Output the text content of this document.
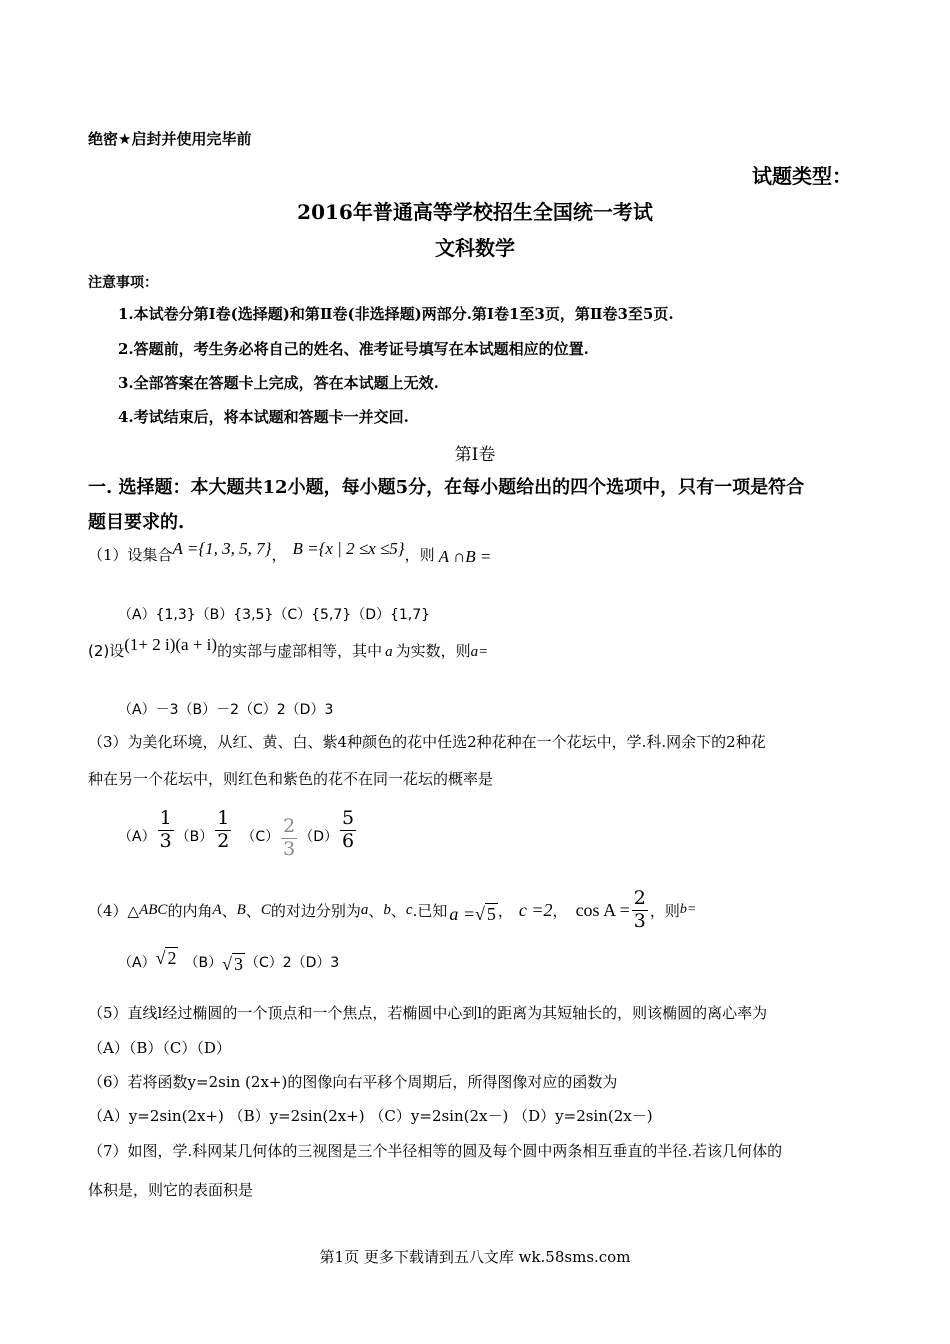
绝密★启封并使用完毕前
试题类型：
2016年普通高等学校招生全国统一考试
文科数学
注意事项：
1.本试卷分第Ⅰ卷(选择题)和第Ⅱ卷(非选择题)两部分.第Ⅰ卷1至3页，第Ⅱ卷3至5页.
2.答题前，考生务必将自己的姓名、准考证号填写在本试题相应的位置.
3.全部答案在答题卡上完成，答在本试题上无效.
4.考试结束后，将本试题和答题卡一并交回.
第Ⅰ卷
一. 选择题：本大题共12小题，每小题5分，在每小题给出的四个选项中，只有一项是符合
题目要求的.
（1）设集合A ={1, 3, 5, 7}， B ={x | 2 ≤x ≤5}，则 A ∩B =
（A）{1,3}（B）{3,5}（C）{5,7}（D）{1,7}
(2)设(1+ 2 i)(a + i)的实部与虚部相等，其中 a 为实数，则a=
（A）－3（B）－2（C）2（D）3
（3）为美化环境，从红、黄、白、紫4种颜色的花中任选2种花种在一个花坛中，学.科.网余下的2种花
种在另一个花坛中，则红色和紫色的花不在同一花坛的概率是
$(A) \frac{1}{3} (B) \frac{1}{2} (C) \frac{2}{3} (D) \frac{5}{6}$
（4）△ ABC 的内角 A 、 B 、 C 的对边分别为 a 、 b 、 c .已知 a =√ 5 ， c =2 ， $\cos A = \frac{2}{3}$ ，则 b=
（A） √ 2 （B） √ 3 （C）2（D）3
（5）直线l经过椭圆的一个顶点和一个焦点，若椭圆中心到l的距离为其短轴长的，则该椭圆的离心率为
（A）（B）（C）（D）
（6）若将函数y=2sin (2x+)的图像向右平移个周期后，所得图像对应的函数为
（A）y=2sin(2x+) （B）y=2sin(2x+) （C）y=2sin(2x－) （D）y=2sin(2x－)
（7）如图，学.科网某几何体的三视图是三个半径相等的圆及每个圆中两条相互垂直的半径.若该几何体的
体积是，则它的表面积是
第1页 更多下载请到五八文库 wk.58sms.com
